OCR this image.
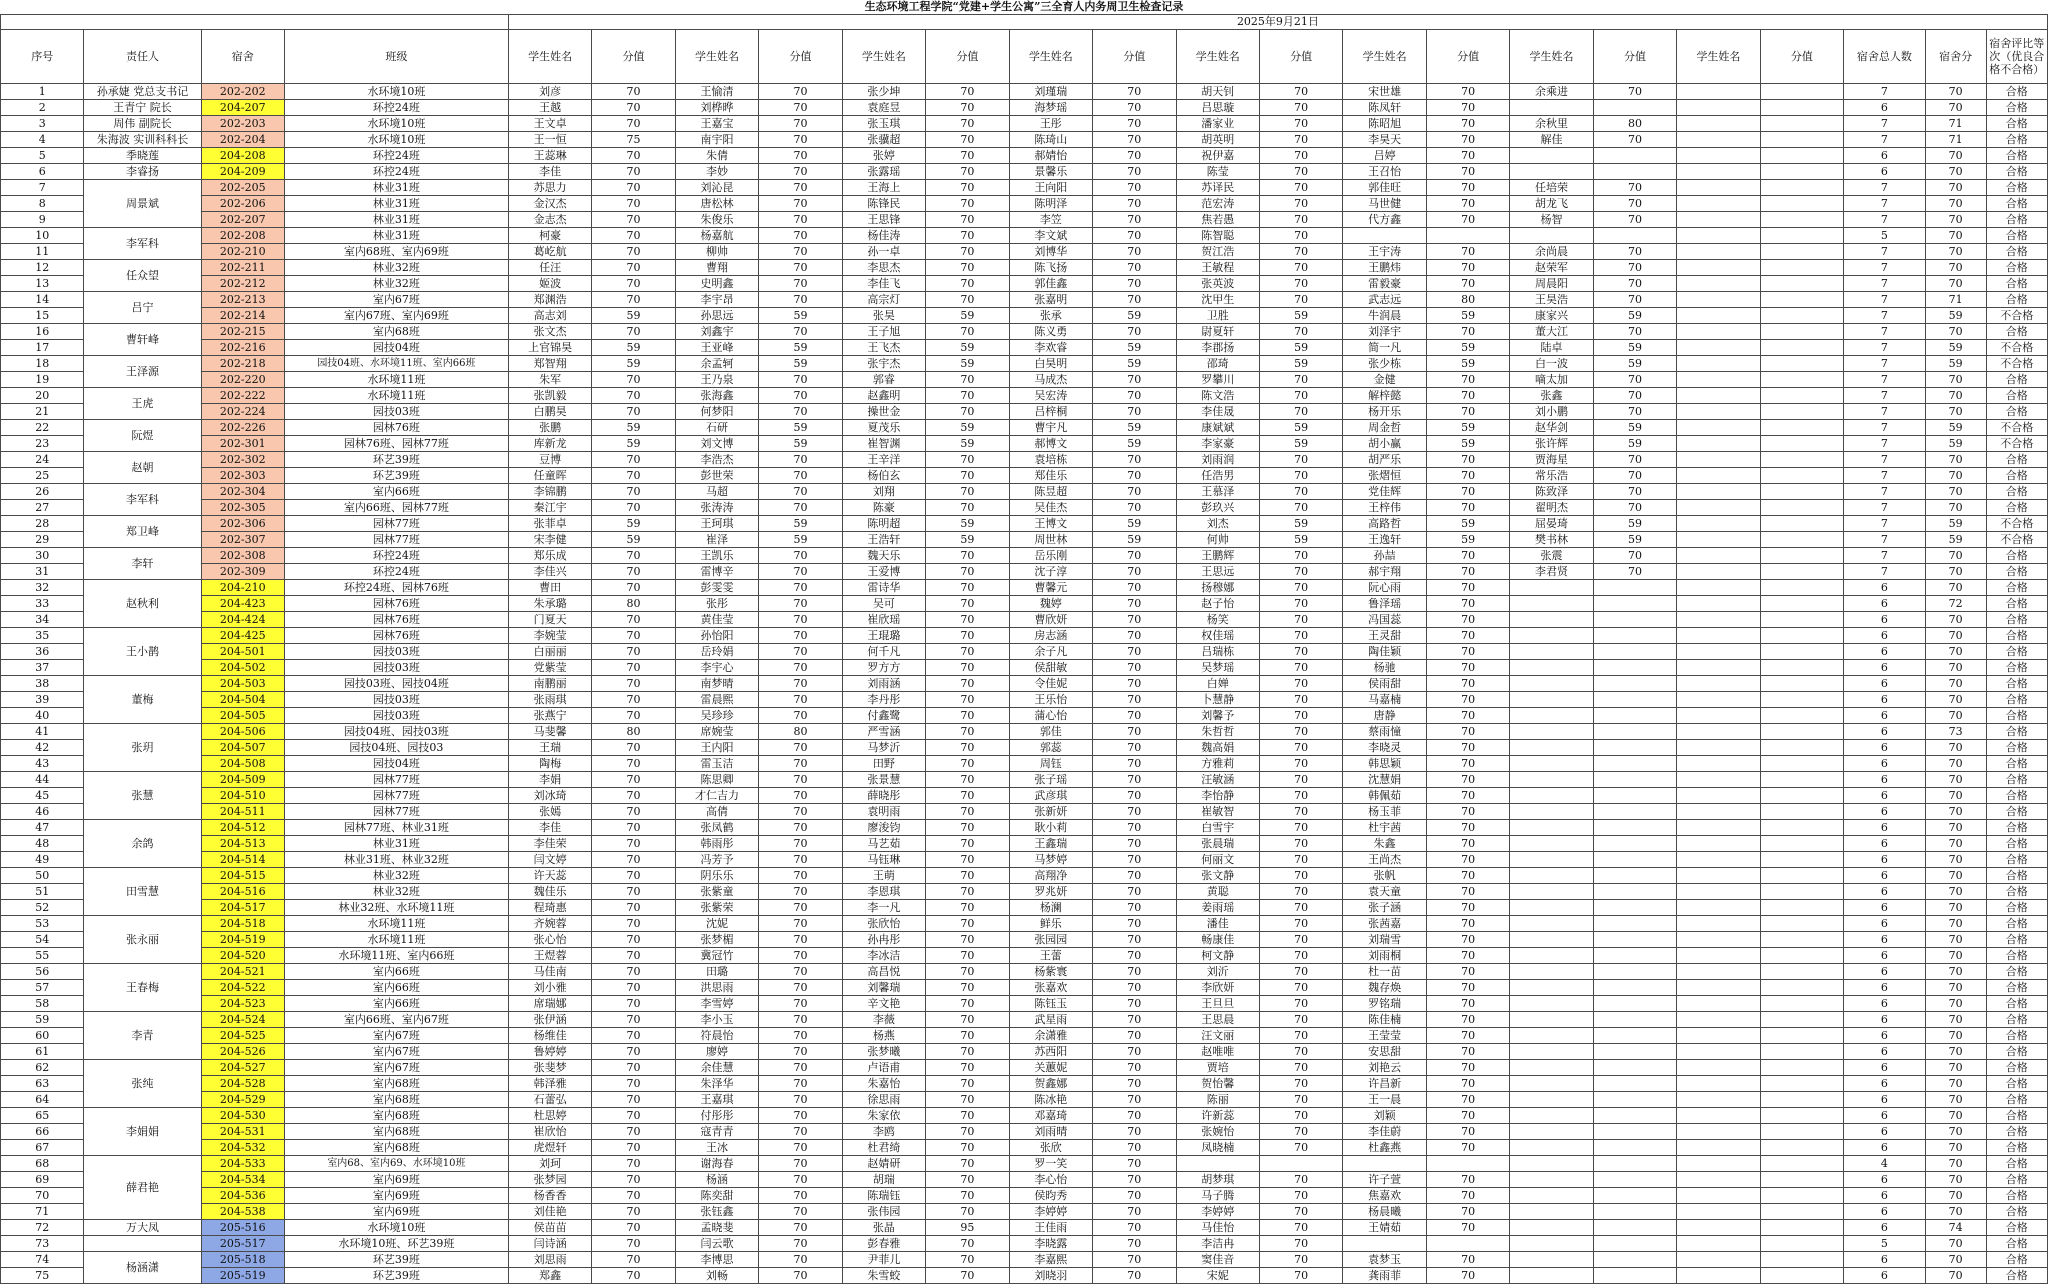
生态环境工程学院“党建+学生公寓”三全育人内务周卫生检查记录																						
				2025年9月21日																		
序号	责任人	宿舍	班级	学生姓名	分值	学生姓名	分值	学生姓名	分值	学生姓名	分值	学生姓名	分值	学生姓名	分值	学生姓名	分值	学生姓名	分值	宿舍总人数	宿舍分	宿舍评比等次（优良合格不合格）
1	孙承婕 党总支书记	202-202	水环境10班	刘彦	70	王愉清	70	张少坤	70	刘瑾瑞	70	胡天钊	70	宋世雄	70	余乘进	70			7	70	合格
2	王青宁 院长	204-207	环控24班	王越	70	刘桦晔	70	袁庭昱	70	海梦瑶	70	吕思璇	70	陈凤轩	70					6	70	合格
3	周伟 副院长	202-203	水环境10班	王文卓	70	王嘉宝	70	张玉琪	70	王彤	70	潘家业	70	陈昭旭	70	余秋里	80			7	71	合格
4	朱海波 实训科科长	202-204	水环境10班	王一恒	75	南宇阳	70	张骥超	70	陈琦山	70	胡英明	70	李昊天	70	解佳	70			7	71	合格
5	季晓莲	204-208	环控24班	王蕊琳	70	朱倩	70	张婷	70	郝婧怡	70	祝伊嘉	70	吕婷	70					6	70	合格
6	李睿扬	204-209	环控24班	李佳	70	李妙	70	张露瑶	70	景馨乐	70	陈莹	70	王召怡	70					6	70	合格
7	周景斌	202-205	林业31班	苏思力	70	刘沁昆	70	王海上	70	王向阳	70	苏译民	70	郭佳旺	70	任培荣	70			7	70	合格
8		202-206	林业31班	金汉杰	70	唐松林	70	陈锋民	70	陈明泽	70	范宏涛	70	马世健	70	胡龙飞	70			7	70	合格
9		202-207	林业31班	金志杰	70	朱俊乐	70	王思锋	70	李笠	70	焦若愚	70	代方鑫	70	杨智	70			7	70	合格
10	李军科	202-208	林业31班	柯豪	70	杨嘉航	70	杨佳涛	70	李文斌	70	陈智聪	70							5	70	合格
11		202-210	室内68班、室内69班	葛屹航	70	柳帅	70	孙一卓	70	刘博华	70	贺江浩	70	王宇涛	70	余尚晨	70			7	70	合格
12	任众望	202-211	林业32班	任汪	70	曹翔	70	李思杰	70	陈飞扬	70	王敏程	70	王鹏炜	70	赵荣军	70			7	70	合格
13		202-212	林业32班	姬波	70	史明鑫	70	李佳飞	70	郭佳鑫	70	张英波	70	雷毅豪	70	周晨阳	70			7	70	合格
14	吕宁	202-213	室内67班	郑渊浩	70	李宇昂	70	高宗灯	70	张嘉明	70	沈甲生	70	武志远	80	王昊浩	70			7	71	合格
15		202-214	室内67班、室内69班	高志刘	59	孙思远	59	张昊	59	张承	59	卫胜	59	牛润晨	59	康家兴	59			7	59	不合格
16	曹轩峰	202-215	室内68班	张文杰	70	刘鑫宇	70	王子旭	70	陈义勇	70	尉夏轩	70	刘泽宇	70	董大江	70			7	70	合格
17		202-216	园技04班	上官锦昊	59	王亚峰	59	王飞杰	59	李欢睿	59	李郡扬	59	简一凡	59	陆卓	59			7	59	不合格
18	王泽源	202-218	园技04班、水环境11班、室内66班	郑智翔	59	余孟轲	59	张宇杰	59	白昊明	59	邵琦	59	张少栋	59	白一波	59			7	59	不合格
19		202-220	水环境11班	朱军	70	王乃泉	70	郭睿	70	马成杰	70	罗攀川	70	金健	70	嘀太加	70			7	70	合格
20	王虎	202-222	水环境11班	张凯毅	70	张海鑫	70	赵鑫明	70	吴宏涛	70	陈文浩	70	解梓懿	70	张鑫	70			7	70	合格
21		202-224	园技03班	白鹏昊	70	何梦阳	70	操世金	70	吕梓桐	70	李佳晟	70	杨开乐	70	刘小鹏	70			7	70	合格
22	阮煜	202-226	园林76班	张鹏	59	石研	59	夏茂乐	59	曹宇凡	59	康斌斌	59	周金哲	59	赵华剑	59			7	59	不合格
23		202-301	园林76班、园林77班	库新龙	59	刘文博	59	崔智渊	59	郝博文	59	李家豪	59	胡小赢	59	张许辉	59			7	59	不合格
24	赵朝	202-302	环艺39班	豆博	70	李浩杰	70	王辛洋	70	袁培栋	70	刘雨润	70	胡严乐	70	贾海星	70			7	70	合格
25		202-303	环艺39班	任童晖	70	彭世荣	70	杨伯玄	70	郑佳乐	70	任浩男	70	张熠恒	70	常乐浩	70			7	70	合格
26	李军科	202-304	室内66班	李锦鹏	70	马超	70	刘翔	70	陈昱超	70	王慕泽	70	党佳辉	70	陈致泽	70			7	70	合格
27		202-305	室内66班、园林77班	秦江宇	70	张涛涛	70	陈豪	70	吴佳杰	70	彭玖兴	70	王梓伟	70	翟明杰	70			7	70	合格
28	郑卫峰	202-306	园林77班	张菲卓	59	王珂琪	59	陈明超	59	王博文	59	刘杰	59	高路哲	59	屈晏琦	59			7	59	不合格
29		202-307	园林77班	宋李健	59	崔泽	59	王浩轩	59	周世林	59	何帅	59	王逸轩	59	樊书林	59			7	59	不合格
30	李轩	202-308	环控24班	郑乐成	70	王凯乐	70	魏天乐	70	岳乐刚	70	王鹏辉	70	孙喆	70	张震	70			7	70	合格
31		202-309	环控24班	李佳兴	70	雷博辛	70	王爱博	70	沈子淳	70	王思远	70	郝宇翔	70	李君贤	70			7	70	合格
32	赵秋利	204-210	环控24班、园林76班	曹田	70	彭雯雯	70	雷诗华	70	曹馨元	70	扬穆娜	70	阮心雨	70					6	70	合格
33		204-423	园林76班	朱承璐	80	张彤	70	吴可	70	魏婷	70	赵子怡	70	鲁泽瑶	70					6	72	合格
34		204-424	园林76班	门夏天	70	黄佳莹	70	崔欣瑶	70	曹欣妍	70	杨笑	70	冯国蕊	70					6	70	合格
35	王小鹊	204-425	园林76班	李婉莹	70	孙怡阳	70	王琨璐	70	房志涵	70	权佳瑶	70	王灵甜	70					6	70	合格
36		204-501	园技03班	白丽丽	70	岳玲娟	70	何千凡	70	余子凡	70	吕瑞栋	70	陶佳颖	70					6	70	合格
37		204-502	园技03班	党紫莹	70	李宇心	70	罗方方	70	侯甜敏	70	吴梦瑶	70	杨驰	70					6	70	合格
38	董梅	204-503	园技03班、园技04班	南鹏丽	70	南梦晴	70	刘雨涵	70	令佳妮	70	白婵	70	侯雨甜	70					6	70	合格
39		204-504	园技03班	张雨琪	70	雷晨熙	70	李丹彤	70	王乐怡	70	卜慧静	70	马嘉楠	70					6	70	合格
40		204-505	园技03班	张燕宁	70	吴珍珍	70	付鑫鹭	70	蒲心怡	70	刘馨予	70	唐静	70					6	70	合格
41	张玥	204-506	园技04班、园技03班	马斐馨	80	席婉莹	80	严雪涵	70	郭佳	70	朱哲哲	70	蔡雨憧	70					6	73	合格
42		204-507	园技04班、园技03	王瑞	70	王内阳	70	马梦沂	70	郭蕊	70	魏高娟	70	李晓灵	70					6	70	合格
43		204-508	园技04班	陶梅	70	雷玉洁	70	田野	70	周钰	70	方雅莉	70	韩思颖	70					6	70	合格
44	张慧	204-509	园林77班	李娟	70	陈思卿	70	张景慧	70	张子瑶	70	汪敏涵	70	沈慧娟	70					6	70	合格
45		204-510	园林77班	刘冰琦	70	才仁吉力	70	薛晓彤	70	武彦琪	70	李怡静	70	韩佩茹	70					6	70	合格
46		204-511	园林77班	张嫣	70	高倩	70	袁明雨	70	张新妍	70	崔敏智	70	杨玉菲	70					6	70	合格
47	余鸽	204-512	园林77班、林业31班	李佳	70	张凤鹤	70	廖浚钧	70	耿小莉	70	白雪宇	70	杜宇茜	70					6	70	合格
48		204-513	林业31班	李佳荣	70	韩雨彤	70	马艺茹	70	王鑫瑞	70	张晨瑞	70	朱鑫	70					6	70	合格
49		204-514	林业31班、林业32班	闫文婷	70	冯芳予	70	马钰琳	70	马梦婷	70	何丽文	70	王尚杰	70					6	70	合格
50	田雪慧	204-515	林业32班	许天蕊	70	阴乐乐	70	王萌	70	高翔净	70	张文静	70	张帆	70					6	70	合格
51		204-516	林业32班	魏佳乐	70	张紫童	70	李恩琪	70	罗兆妍	70	黄聪	70	袁天童	70					6	70	合格
52		204-517	林业32班、水环境11班	程琦惠	70	张紫荣	70	李一凡	70	杨澜	70	姜雨瑶	70	张子涵	70					6	70	合格
53	张永丽	204-518	水环境11班	齐婉蓉	70	沈妮	70	张欣怡	70	鲜乐	70	潘佳	70	张茜嘉	70					6	70	合格
54		204-519	水环境11班	张心怡	70	张梦楣	70	孙冉彤	70	张园园	70	畅康佳	70	刘瑞雪	70					6	70	合格
55		204-520	水环境11班、室内66班	王煜蓉	70	冀冠竹	70	李冰洁	70	王蕾	70	柯文静	70	刘雨桐	70					6	70	合格
56	王春梅	204-521	室内66班	马佳南	70	田璐	70	高昌悦	70	杨紫寰	70	刘沂	70	杜一苗	70					6	70	合格
57		204-522	室内66班	刘小雅	70	洪思雨	70	刘馨瑞	70	张嘉欢	70	李欣妍	70	魏存焕	70					6	70	合格
58		204-523	室内66班	席瑞娜	70	李雪婷	70	辛文艳	70	陈钰玉	70	王旦旦	70	罗铭瑞	70					6	70	合格
59	李青	204-524	室内66班、室内67班	张伊涵	70	李小玉	70	李薇	70	武星雨	70	王思晨	70	陈佳楠	70					6	70	合格
60		204-525	室内67班	杨维佳	70	符晨怡	70	杨燕	70	余潇雅	70	汪文丽	70	王莹莹	70					6	70	合格
61		204-526	室内67班	鲁婷婷	70	廖婷	70	张梦曦	70	苏西阳	70	赵唯唯	70	安思甜	70					6	70	合格
62	张纯	204-527	室内67班	张斐梦	70	余佳慧	70	卢语甫	70	关蕙妮	70	贾培	70	刘艳云	70					6	70	合格
63		204-528	室内68班	韩泽雅	70	朱泽华	70	朱嘉怡	70	贺鑫娜	70	贺怡馨	70	许昌新	70					6	70	合格
64		204-529	室内68班	石蕾弘	70	王嘉琪	70	徐思雨	70	陈冰艳	70	陈丽	70	王一晨	70					6	70	合格
65	李娟娟	204-530	室内68班	杜思婷	70	付彤彤	70	朱家依	70	邓嘉琦	70	许新蕊	70	刘颖	70					6	70	合格
66		204-531	室内68班	崔欣怡	70	寇青青	70	李鸥	70	刘雨晴	70	张婉怡	70	李佳蔚	70					6	70	合格
67		204-532	室内68班	虎煜轩	70	王冰	70	杜君绮	70	张欣	70	凤晓楠	70	杜鑫燕	70					6	70	合格
68	薛君艳	204-533	室内68、室内69、水环境10班	刘珂	70	谢海春	70	赵婧研	70	罗一笑	70									4	70	合格
69		204-534	室内69班	张梦园	70	杨涵	70	胡瑞	70	李心怡	70	胡梦琪	70	许子萱	70					6	70	合格
70		204-536	室内69班	杨香香	70	陈奕甜	70	陈瑞钰	70	侯昀秀	70	马子腾	70	焦嘉欢	70					6	70	合格
71		204-538	室内69班	刘佳艳	70	张钰鑫	70	张伟园	70	李婷婷	70	李婷婷	70	杨晨曦	70					6	70	合格
72	万大凤	205-516	水环境10班	侯苗苗	70	孟晓斐	70	张晶	95	王佳雨	70	马佳怡	70	王婧茹	70					6	74	合格
73		205-517	水环境10班、环艺39班	闫诗涵	70	闫云歌	70	彭春雅	70	李晓露	70	李洁冉	70							5	70	合格
74	杨涵潇	205-518	环艺39班	刘思雨	70	李博思	70	尹菲儿	70	李嘉熙	70	窦佳音	70	袁梦玉	70					6	70	合格
75		205-519	环艺39班	郑鑫	70	刘畅	70	朱雪蛟	70	刘晓羽	70	宋妮	70	龚雨菲	70					6	70	合格
